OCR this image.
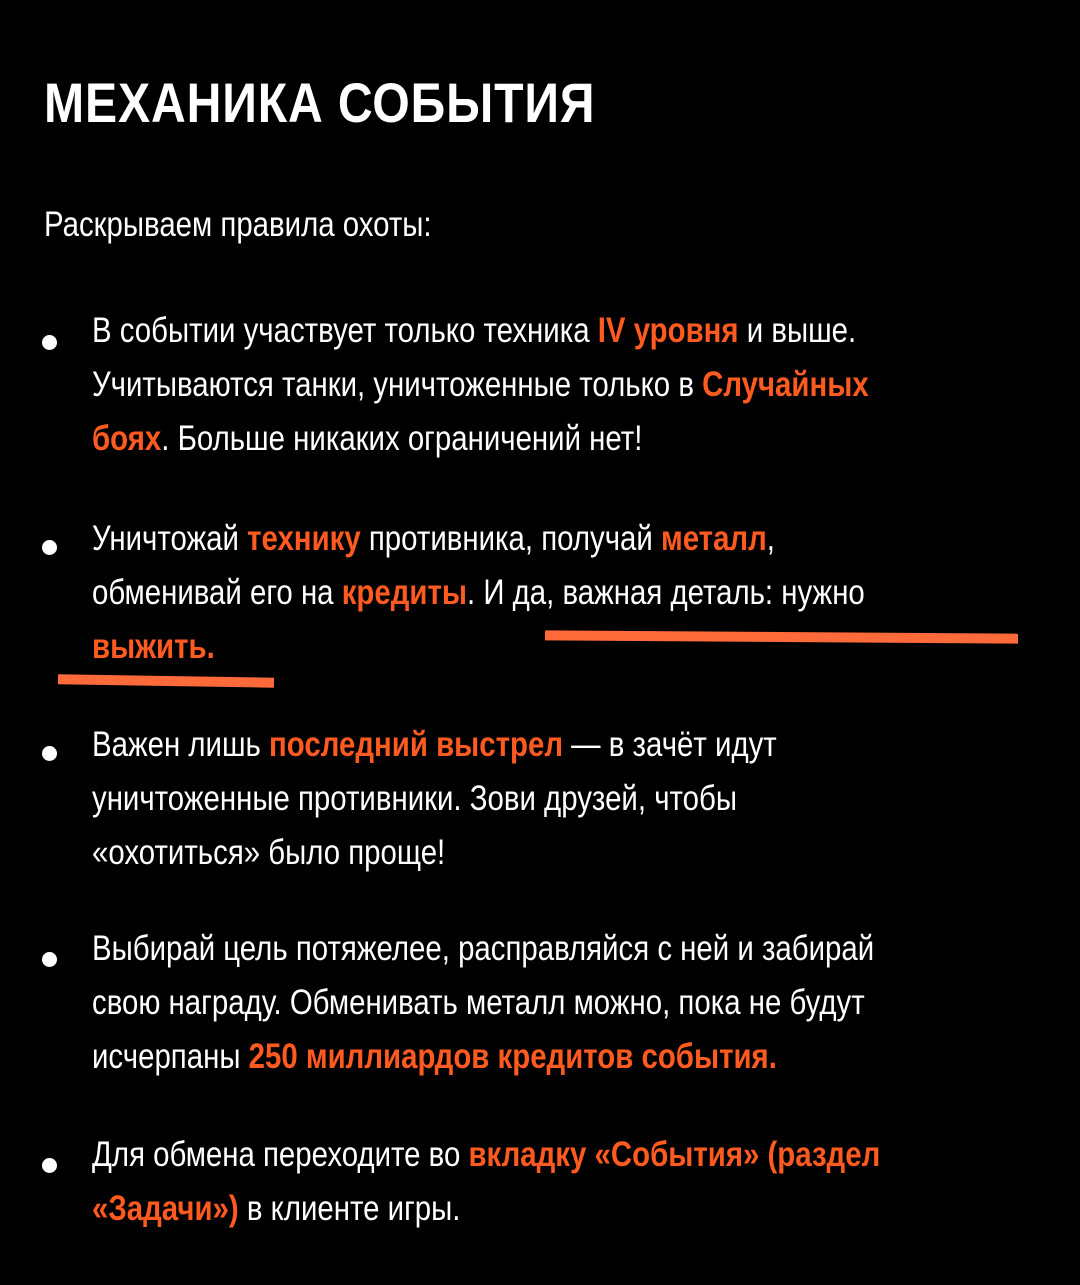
МЕХАНИКА СОБЫТИЯ

Раскрываем правила охоты:

В событии участвует только техника IV уровня и выше.
Учитываются танки, уничтоженные только в Случайных
боях. Больше никаких ограничений нет!
Уничтожай технику противника, получай металл,
обменивай его на кредиты. И да, важная деталь: нужно
выжить.
Важен лишь последний выстрел — в зачёт идут
уничтоженные противники. Зови друзей, чтобы
«охотиться» было проще!
Выбирай цель потяжелее, расправляйся с ней и забирай
свою награду. Обменивать металл можно, пока не будут
исчерпаны 250 миллиардов кредитов события.
Для обмена переходите во вкладку «События» (раздел
«Задачи») в клиенте игры.
